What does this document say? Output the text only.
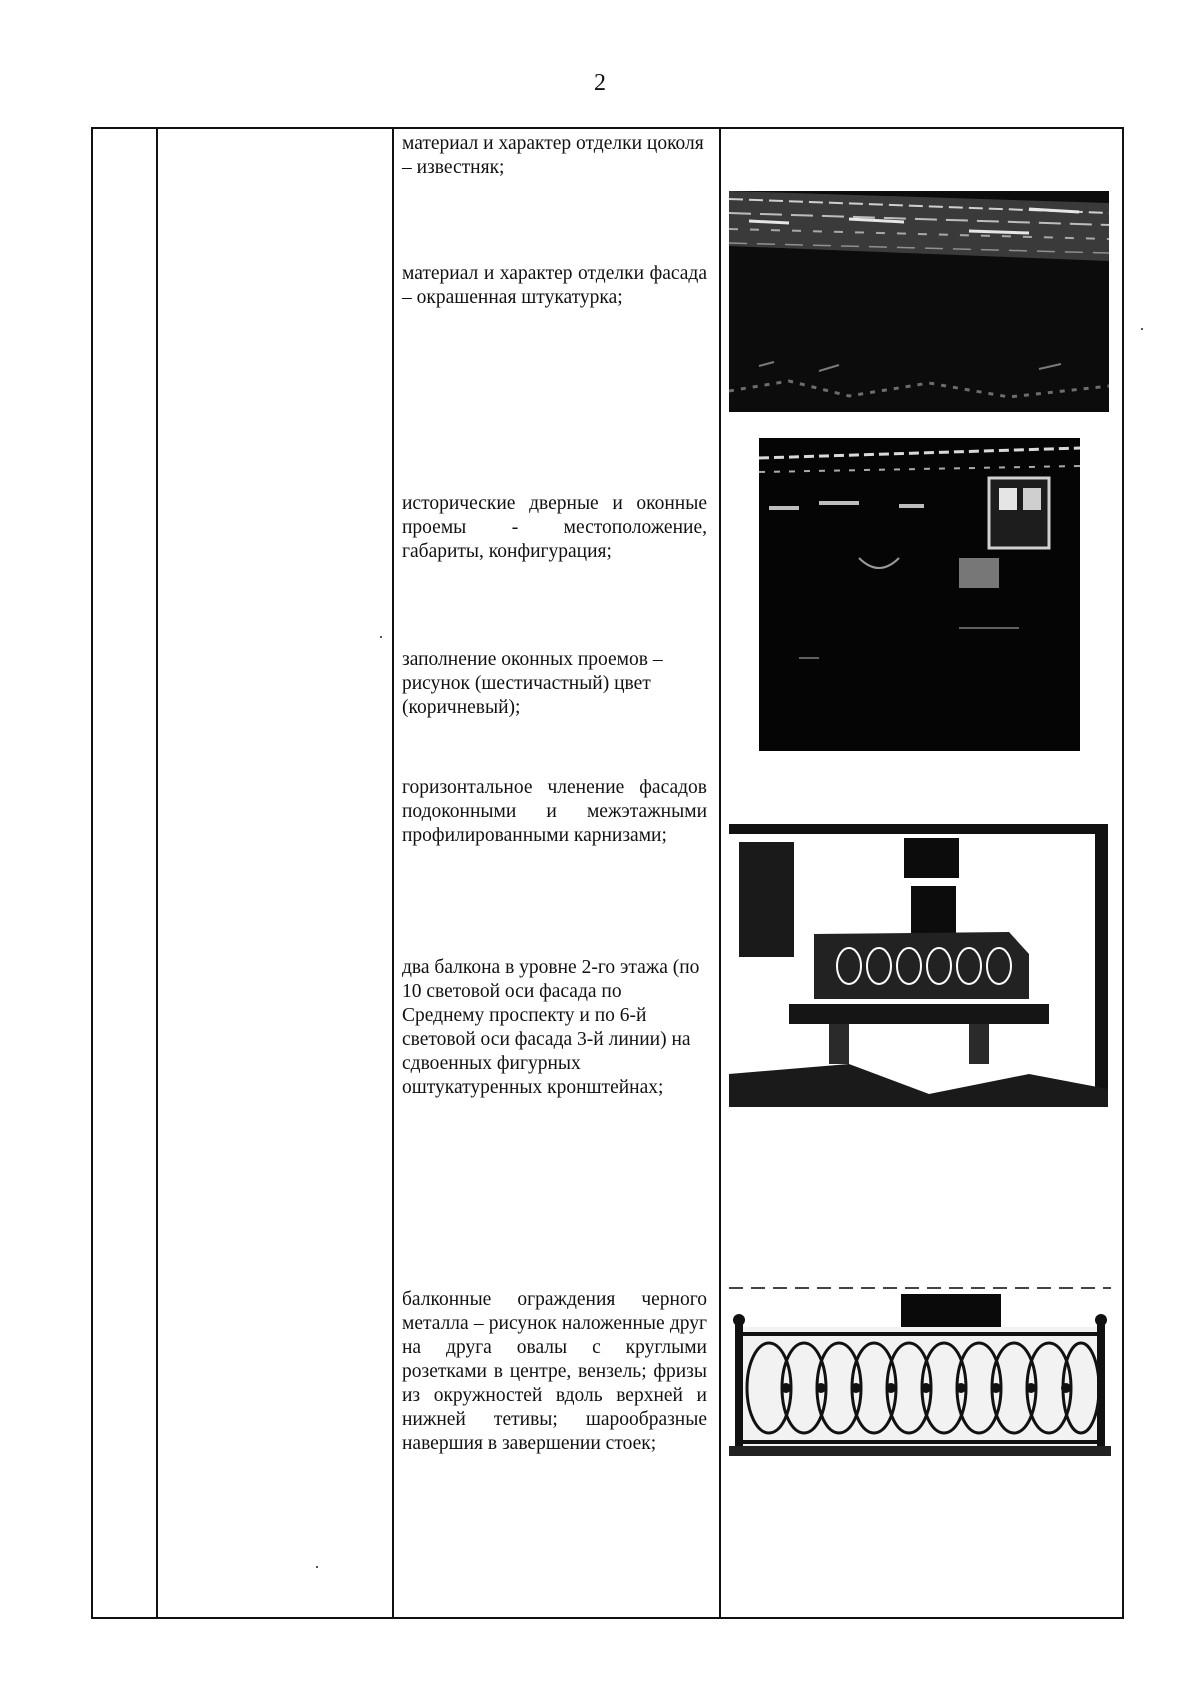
2
материал и характер отделки цоколя – известняк;
материал и характер отделки фасада – окрашенная штукатурка;
исторические дверные и оконные проемы - местоположение, габариты, конфигурация;
заполнение оконных проемов – рисунок (шестичастный) цвет (коричневый);
горизонтальное членение фасадов подоконными и межэтажными профилированными карнизами;
два балкона в уровне 2-го этажа (по 10 световой оси фасада по Среднему проспекту и по 6-й световой оси фасада 3-й линии) на сдвоенных фигурных оштукатуренных кронштейнах;
балконные ограждения черного металла – рисунок наложенные друг на друга овалы с круглыми розетками в центре, вензель; фризы из окружностей вдоль верхней и нижней тетивы; шарообразные навершия в завершении стоек;
